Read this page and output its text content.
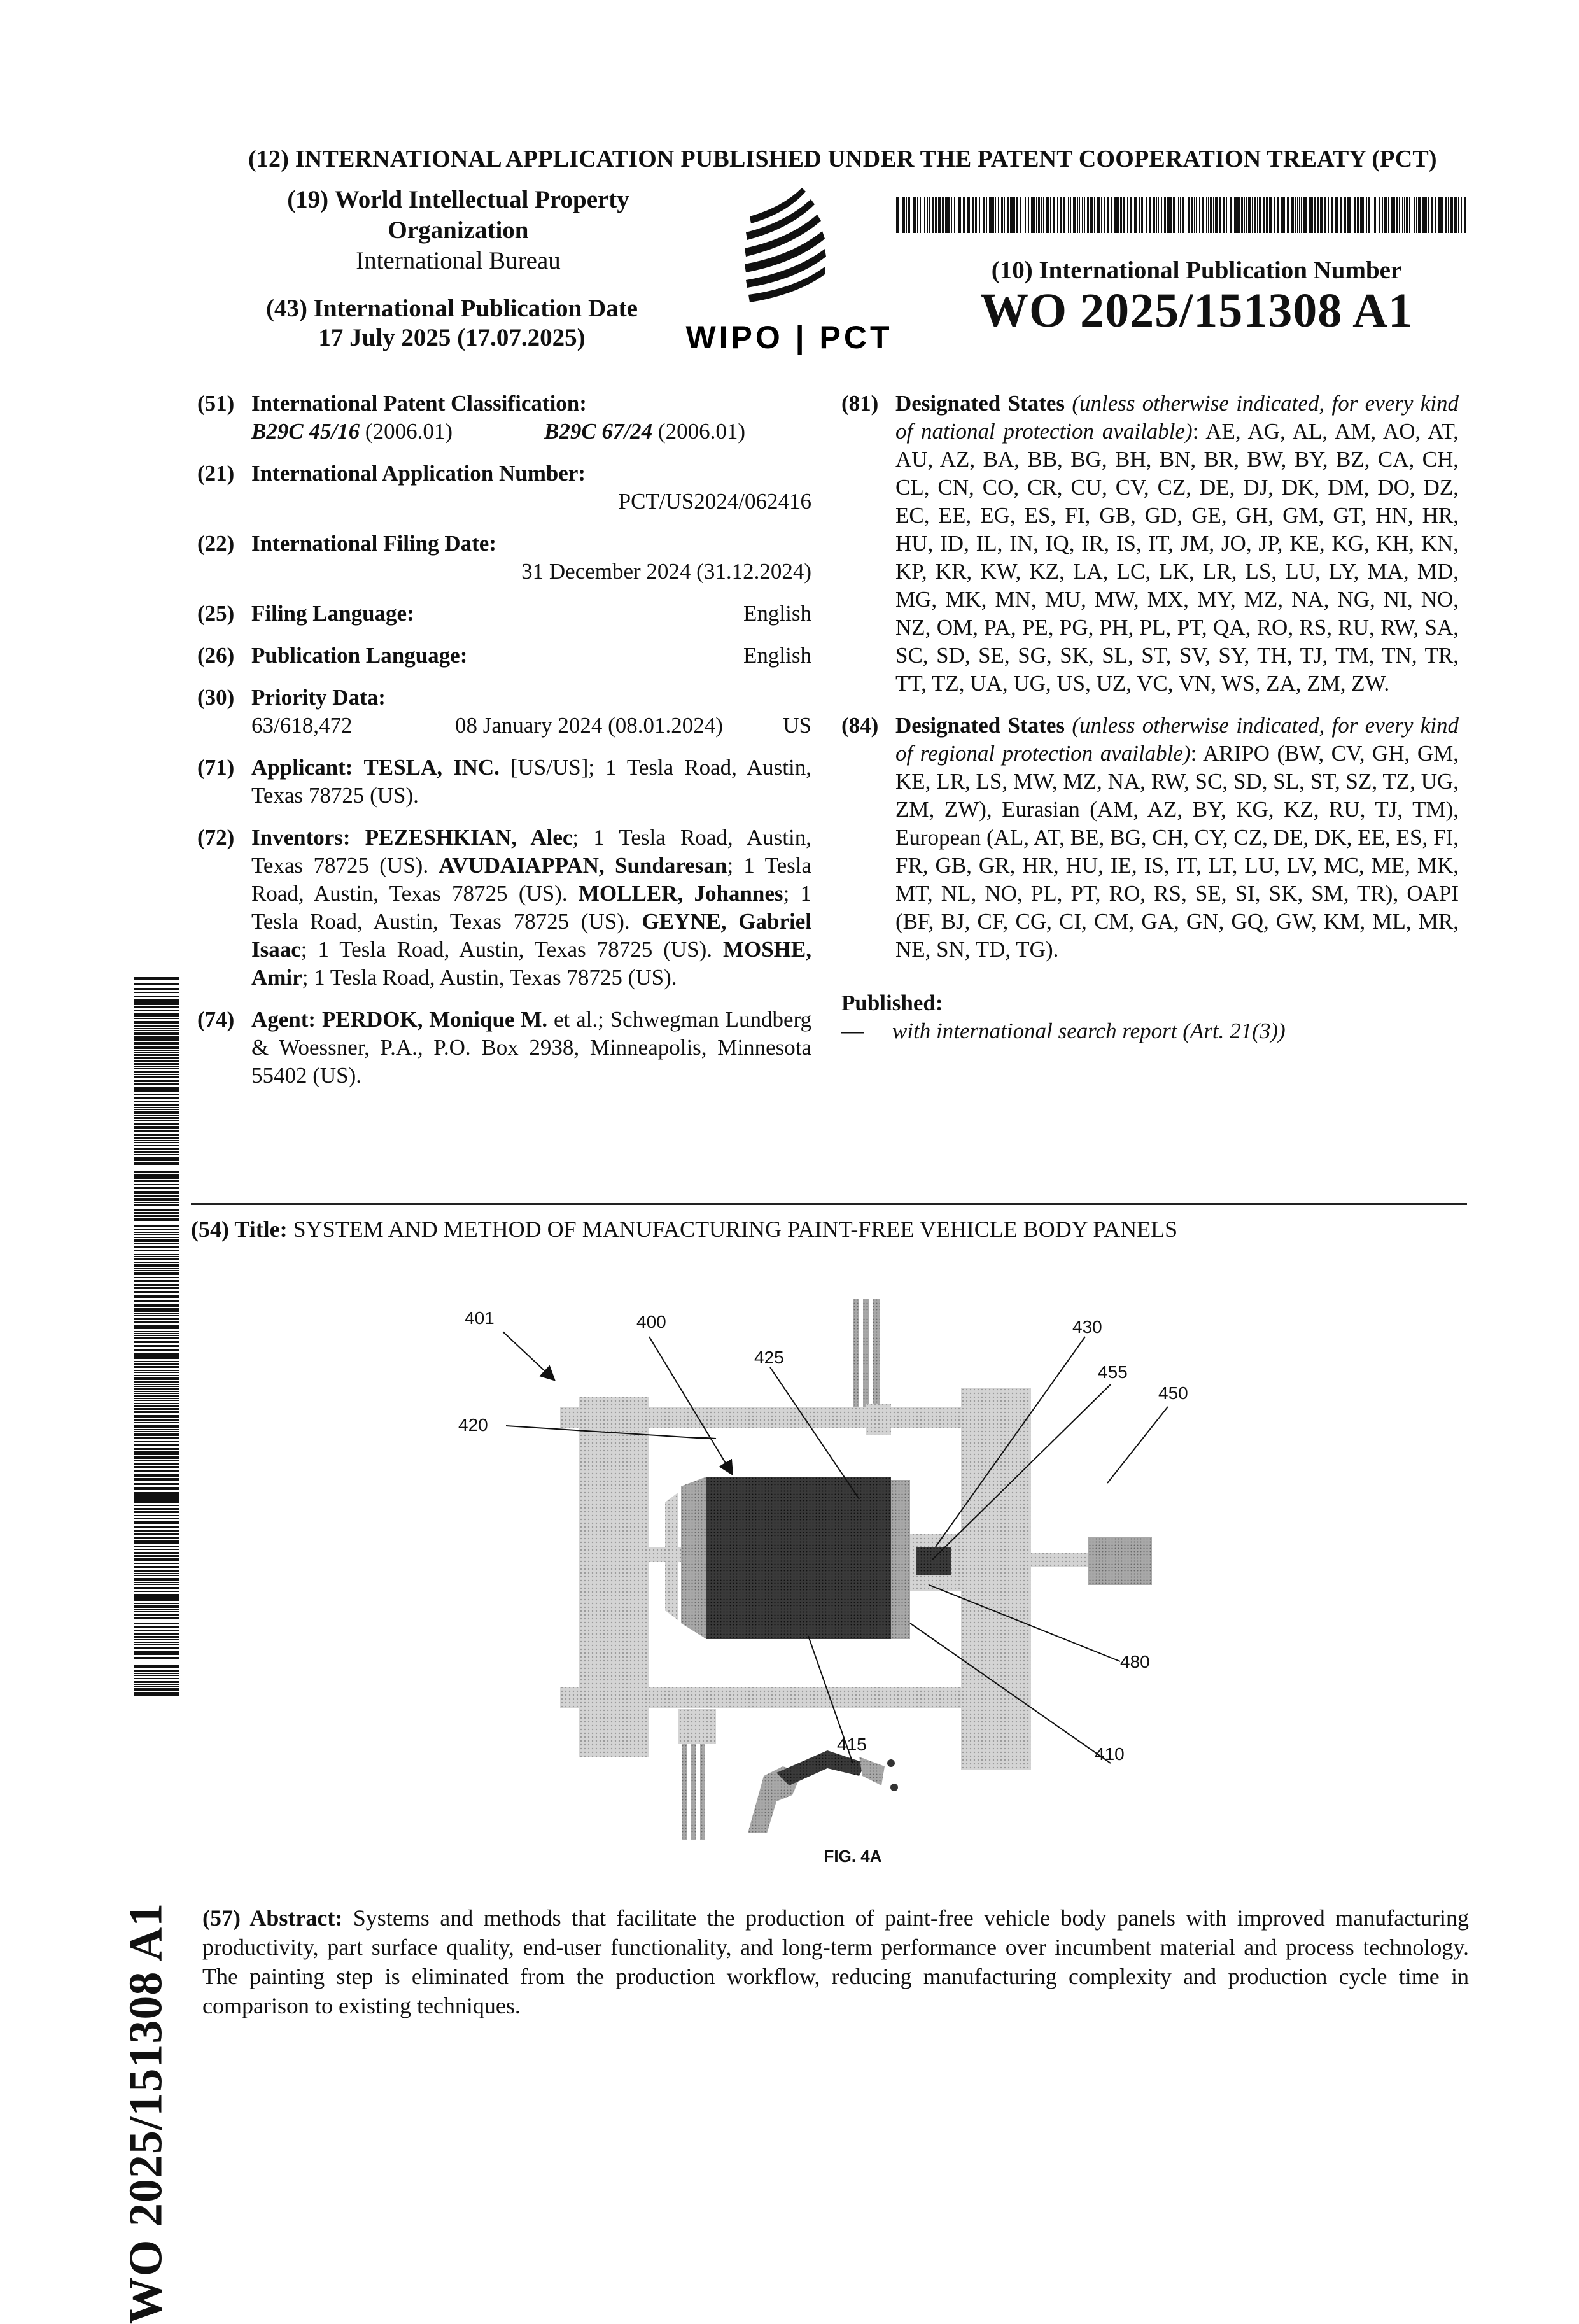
(12) INTERNATIONAL APPLICATION PUBLISHED UNDER THE PATENT COOPERATION TREATY (PCT)
(19) World Intellectual Property
Organization
International Bureau
(43) International Publication Date
17 July 2025 (17.07.2025)	WIPO | PCT
(10) International Publication Number
WO 2025/151308 A1
(51) International Patent Classification:
B29C 45/16 (2006.01)	B29C 67/24 (2006.01)
(21) International Application Number:
PCT/US2024/062416
(22) International Filing Date:
31 December 2024 (31.12.2024)
(25) Filing Language:	English
(26) Publication Language:	English
(30) Priority Data:
63/618,472	08 January 2024 (08.01.2024)	US
(71) Applicant: TESLA, INC. [US/US]; 1 Tesla Road, Austin, Texas 78725 (US).
(72) Inventors: PEZESHKIAN, Alec; 1 Tesla Road, Austin, Texas 78725 (US). AVUDAIAPPAN, Sundaresan; 1 Tesla Road, Austin, Texas 78725 (US). MOLLER, Johannes; 1 Tesla Road, Austin, Texas 78725 (US). GEYNE, Gabriel Isaac; 1 Tesla Road, Austin, Texas 78725 (US). MOSHE, Amir; 1 Tesla Road, Austin, Texas 78725 (US).
(74) Agent: PERDOK, Monique M. et al.; Schwegman Lundberg & Woessner, P.A., P.O. Box 2938, Minneapolis, Minnesota 55402 (US).
(81) Designated States (unless otherwise indicated, for every kind of national protection available): AE, AG, AL, AM, AO, AT, AU, AZ, BA, BB, BG, BH, BN, BR, BW, BY, BZ, CA, CH, CL, CN, CO, CR, CU, CV, CZ, DE, DJ, DK, DM, DO, DZ, EC, EE, EG, ES, FI, GB, GD, GE, GH, GM, GT, HN, HR, HU, ID, IL, IN, IQ, IR, IS, IT, JM, JO, JP, KE, KG, KH, KN, KP, KR, KW, KZ, LA, LC, LK, LR, LS, LU, LY, MA, MD, MG, MK, MN, MU, MW, MX, MY, MZ, NA, NG, NI, NO, NZ, OM, PA, PE, PG, PH, PL, PT, QA, RO, RS, RU, RW, SA, SC, SD, SE, SG, SK, SL, ST, SV, SY, TH, TJ, TM, TN, TR, TT, TZ, UA, UG, US, UZ, VC, VN, WS, ZA, ZM, ZW.
(84) Designated States (unless otherwise indicated, for every kind of regional protection available): ARIPO (BW, CV, GH, GM, KE, LR, LS, MW, MZ, NA, RW, SC, SD, SL, ST, SZ, TZ, UG, ZM, ZW), Eurasian (AM, AZ, BY, KG, KZ, RU, TJ, TM), European (AL, AT, BE, BG, CH, CY, CZ, DE, DK, EE, ES, FI, FR, GB, GR, HR, HU, IE, IS, IT, LT, LU, LV, MC, ME, MK, MT, NL, NO, PL, PT, RO, RS, SE, SI, SK, SM, TR), OAPI (BF, BJ, CF, CG, CI, CM, GA, GN, GQ, GW, KM, ML, MR, NE, SN, TD, TG).
Published:
—	with international search report (Art. 21(3))
(54) Title: SYSTEM AND METHOD OF MANUFACTURING PAINT-FREE VEHICLE BODY PANELS
401	400
425
430
455
450
420
480
415	410
FIG. 4A
(57) Abstract: Systems and methods that facilitate the production of paint-free vehicle body panels with improved manufacturing productivity, part surface quality, end-user functionality, and long-term performance over incumbent material and process technology. The painting step is eliminated from the production workflow, reducing manufacturing complexity and production cycle time in comparison to existing techniques.
WO 2025/151308 A1
